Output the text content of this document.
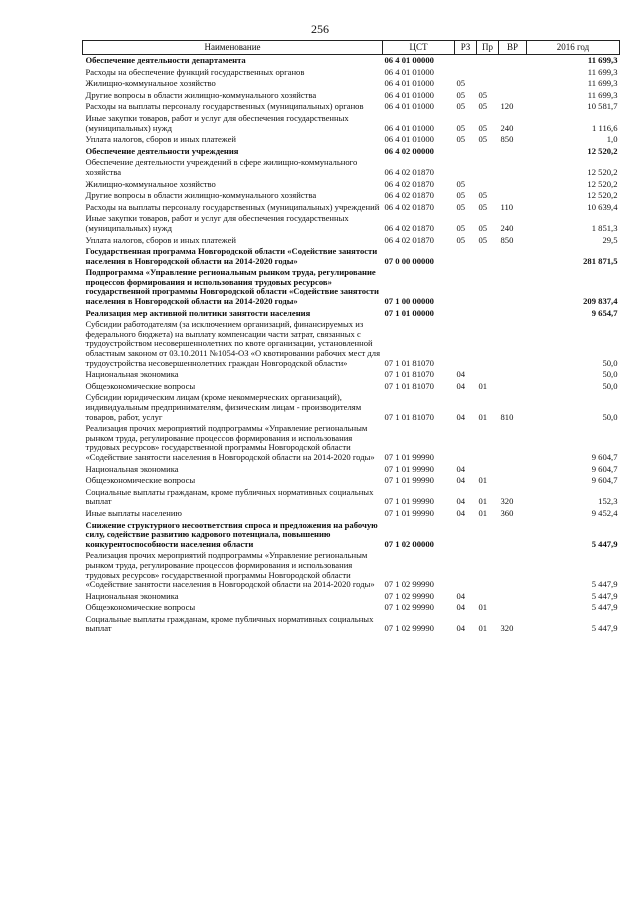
256
Наименование	ЦСТ	РЗ	Пр	ВР	2016 год
Обеспечение деятельности департамента	06 4 01 00000				11 699,3
Расходы на обеспечение функций государственных органов	06 4 01 01000				11 699,3
Жилищно-коммунальное хозяйство	06 4 01 01000	05			11 699,3
Другие вопросы в области жилищно-коммунального хозяйства	06 4 01 01000	05	05		11 699,3
Расходы на выплаты персоналу государственных (муниципальных) органов	06 4 01 01000	05	05	120	10 581,7
Иные закупки товаров, работ и услуг для обеспечения государственных (муниципальных) нужд	06 4 01 01000	05	05	240	1 116,6
Уплата налогов, сборов и иных платежей	06 4 01 01000	05	05	850	1,0
Обеспечение деятельности учреждения	06 4 02 00000				12 520,2
Обеспечение деятельности учреждений в сфере жилищно-коммунального хозяйства	06 4 02 01870				12 520,2
Жилищно-коммунальное хозяйство	06 4 02 01870	05			12 520,2
Другие вопросы в области жилищно-коммунального хозяйства	06 4 02 01870	05	05		12 520,2
Расходы на выплаты персоналу государственных (муниципальных) учреждений	06 4 02 01870	05	05	110	10 639,4
Иные закупки товаров, работ и услуг для обеспечения государственных (муниципальных) нужд	06 4 02 01870	05	05	240	1 851,3
Уплата налогов, сборов и иных платежей	06 4 02 01870	05	05	850	29,5
Государственная программа Новгородской области «Содействие занятости населения в Новгородской области на 2014-2020 годы»	07 0 00 00000				281 871,5
Подпрограмма «Управление региональным рынком труда, регулирование процессов формирования и использования трудовых ресурсов» государственной программы Новгородской области «Содействие занятости населения в Новгородской области на 2014-2020 годы»	07 1 00 00000				209 837,4
Реализация мер активной политики занятости населения	07 1 01 00000				9 654,7
Субсидии работодателям (за исключением организаций, финансируемых из федерального бюджета) на выплату компенсации части затрат, связанных с трудоустройством несовершеннолетних по квоте организации, установленной областным законом от 03.10.2011 №1054-ОЗ «О квотировании рабочих мест для трудоустройства несовершеннолетних граждан Новгородской области»	07 1 01 81070				50,0
Национальная экономика	07 1 01 81070	04			50,0
Общеэкономические вопросы	07 1 01 81070	04	01		50,0
Субсидии юридическим лицам (кроме некоммерческих организаций), индивидуальным предпринимателям, физическим лицам - производителям товаров, работ, услуг	07 1 01 81070	04	01	810	50,0
Реализация прочих мероприятий подпрограммы «Управление региональным рынком труда, регулирование процессов формирования и использования трудовых ресурсов» государственной программы Новгородской области «Содействие занятости населения в Новгородской области на 2014-2020 годы»	07 1 01 99990				9 604,7
Национальная экономика	07 1 01 99990	04			9 604,7
Общеэкономические вопросы	07 1 01 99990	04	01		9 604,7
Социальные выплаты гражданам, кроме публичных нормативных социальных выплат	07 1 01 99990	04	01	320	152,3
Иные выплаты населению	07 1 01 99990	04	01	360	9 452,4
Снижение структурного несоответствия спроса и предложения на рабочую силу, содействие развитию кадрового потенциала, повышению конкурентоспособности населения области	07 1 02 00000				5 447,9
Реализация прочих мероприятий подпрограммы «Управление региональным рынком труда, регулирование процессов формирования и использования трудовых ресурсов» государственной программы Новгородской области «Содействие занятости населения в Новгородской области на 2014-2020 годы»	07 1 02 99990				5 447,9
Национальная экономика	07 1 02 99990	04			5 447,9
Общеэкономические вопросы	07 1 02 99990	04	01		5 447,9
Социальные выплаты гражданам, кроме публичных нормативных социальных выплат	07 1 02 99990	04	01	320	5 447,9
